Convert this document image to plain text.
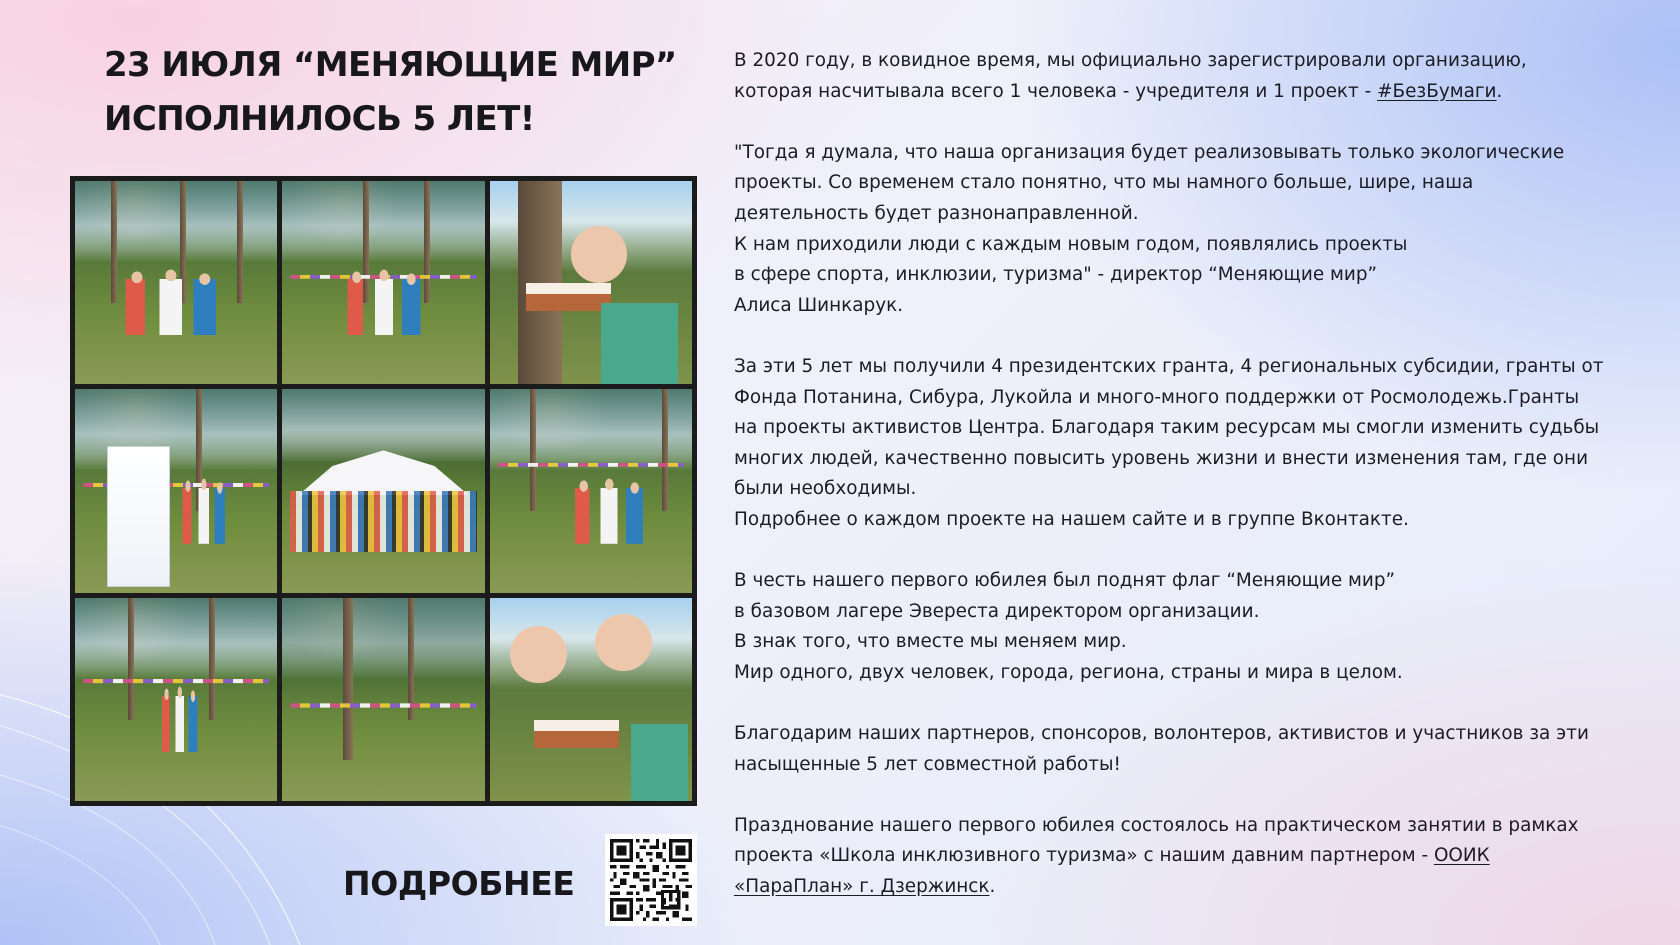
23 ИЮЛЯ “МЕНЯЮЩИЕ МИР”
ИСПОЛНИЛОСЬ 5 ЛЕТ!
ПОДРОБНЕЕ

В 2020 году, в ковидное время, мы официально зарегистрировали организацию,
которая насчитывала всего 1 человека - учредителя и 1 проект - #БезБумаги.

"Тогда я думала, что наша организация будет реализовывать только экологические
проекты. Со временем стало понятно, что мы намного больше, шире, наша
деятельность будет разнонаправленной.
К нам приходили люди с каждым новым годом, появлялись проекты
в сфере спорта, инклюзии, туризма" - директор “Меняющие мир”
Алиса Шинкарук.

За эти 5 лет мы получили 4 президентских гранта, 4 региональных субсидии, гранты от
Фонда Потанина, Сибура, Лукойла и много-много поддержки от Росмолодежь.Гранты
на проекты активистов Центра. Благодаря таким ресурсам мы смогли изменить судьбы
многих людей, качественно повысить уровень жизни и внести изменения там, где они
были необходимы.
Подробнее о каждом проекте на нашем сайте и в группе Вконтакте.

В честь нашего первого юбилея был поднят флаг “Меняющие мир”
в базовом лагере Эвереста директором организации.
В знак того, что вместе мы меняем мир.
Мир одного, двух человек, города, региона, страны и мира в целом.

Благодарим наших партнеров, спонсоров, волонтеров, активистов и участников за эти
насыщенные 5 лет совместной работы!

Празднование нашего первого юбилея состоялось на практическом занятии в рамках
проекта «Школа инклюзивного туризма» с нашим давним партнером - ООИК
«ПараПлан» г. Дзержинск.
